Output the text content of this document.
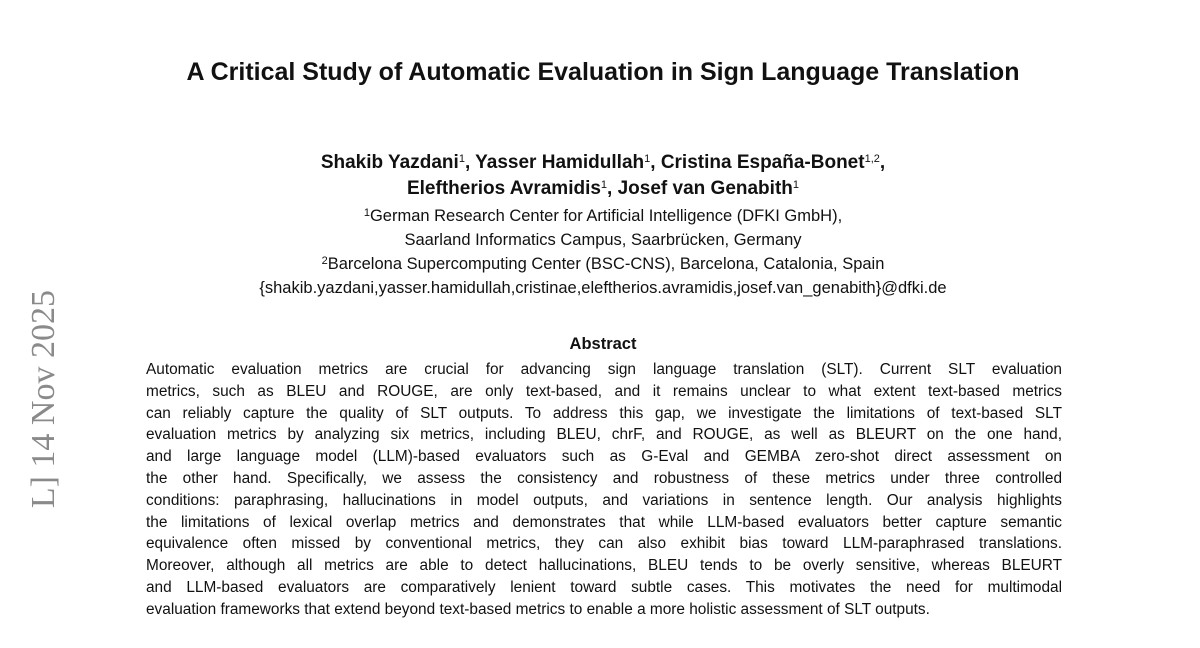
A Critical Study of Automatic Evaluation in Sign Language Translation
Shakib Yazdani$^1$, Yasser Hamidullah$^1$, Cristina España-Bonet$^{1,2}$,
Eleftherios Avramidis$^1$, Josef van Genabith$^1$
$^1$German Research Center for Artificial Intelligence (DFKI GmbH),
Saarland Informatics Campus, Saarbrücken, Germany
$^2$Barcelona Supercomputing Center (BSC-CNS), Barcelona, Catalonia, Spain
{shakib.yazdani,yasser.hamidullah,cristinae,eleftherios.avramidis,josef.van_genabith}@dfki.de
Abstract
Automatic evaluation metrics are crucial for advancing sign language translation (SLT). Current SLT evaluation
metrics, such as BLEU and ROUGE, are only text-based, and it remains unclear to what extent text-based metrics
can reliably capture the quality of SLT outputs. To address this gap, we investigate the limitations of text-based SLT
evaluation metrics by analyzing six metrics, including BLEU, chrF, and ROUGE, as well as BLEURT on the one hand,
and large language model (LLM)-based evaluators such as G-Eval and GEMBA zero-shot direct assessment on
the other hand. Specifically, we assess the consistency and robustness of these metrics under three controlled
conditions: paraphrasing, hallucinations in model outputs, and variations in sentence length. Our analysis highlights
the limitations of lexical overlap metrics and demonstrates that while LLM-based evaluators better capture semantic
equivalence often missed by conventional metrics, they can also exhibit bias toward LLM-paraphrased translations.
Moreover, although all metrics are able to detect hallucinations, BLEU tends to be overly sensitive, whereas BLEURT
and LLM-based evaluators are comparatively lenient toward subtle cases. This motivates the need for multimodal
evaluation frameworks that extend beyond text-based metrics to enable a more holistic assessment of SLT outputs.
L] 14 Nov 2025
